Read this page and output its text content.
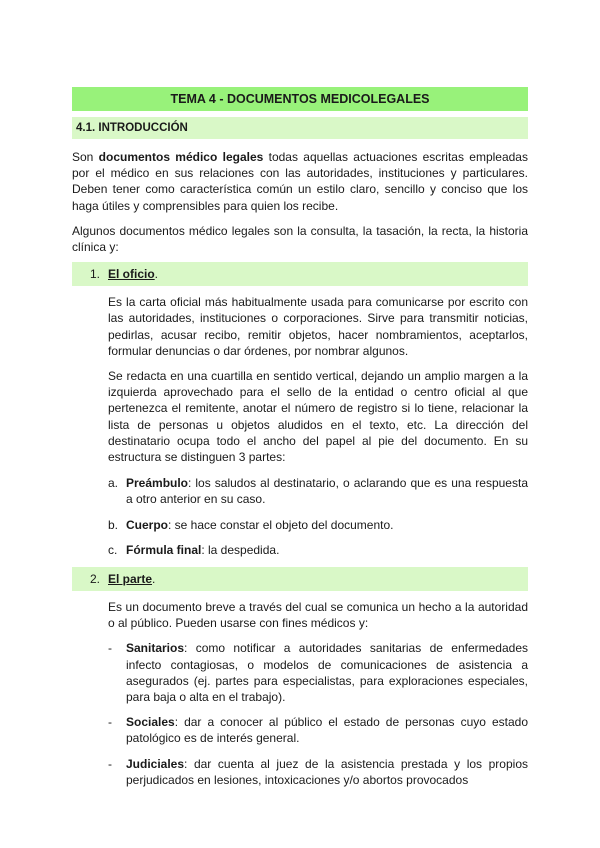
TEMA 4 - DOCUMENTOS MEDICOLEGALES
4.1. INTRODUCCIÓN

Son documentos médico legales todas aquellas actuaciones escritas empleadas por el médico en sus relaciones con las autoridades, instituciones y particulares. Deben tener como característica común un estilo claro, sencillo y conciso que los haga útiles y comprensibles para quien los recibe.

Algunos documentos médico legales son la consulta, la tasación, la recta, la historia clínica y:

1. El oficio.

Es la carta oficial más habitualmente usada para comunicarse por escrito con las autoridades, instituciones o corporaciones. Sirve para transmitir noticias, pedirlas, acusar recibo, remitir objetos, hacer nombramientos, aceptarlos, formular denuncias o dar órdenes, por nombrar algunos.

Se redacta en una cuartilla en sentido vertical, dejando un amplio margen a la izquierda aprovechado para el sello de la entidad o centro oficial al que pertenezca el remitente, anotar el número de registro si lo tiene, relacionar la lista de personas u objetos aludidos en el texto, etc. La dirección del destinatario ocupa todo el ancho del papel al pie del documento. En su estructura se distinguen 3 partes:

a. Preámbulo: los saludos al destinatario, o aclarando que es una respuesta a otro anterior en su caso.

b. Cuerpo: se hace constar el objeto del documento.

c. Fórmula final: la despedida.

2. El parte.

Es un documento breve a través del cual se comunica un hecho a la autoridad o al público. Pueden usarse con fines médicos y:

- Sanitarios: como notificar a autoridades sanitarias de enfermedades infecto contagiosas, o modelos de comunicaciones de asistencia a asegurados (ej. partes para especialistas, para exploraciones especiales, para baja o alta en el trabajo).

- Sociales: dar a conocer al público el estado de personas cuyo estado patológico es de interés general.

- Judiciales: dar cuenta al juez de la asistencia prestada y los propios perjudicados en lesiones, intoxicaciones y/o abortos provocados
